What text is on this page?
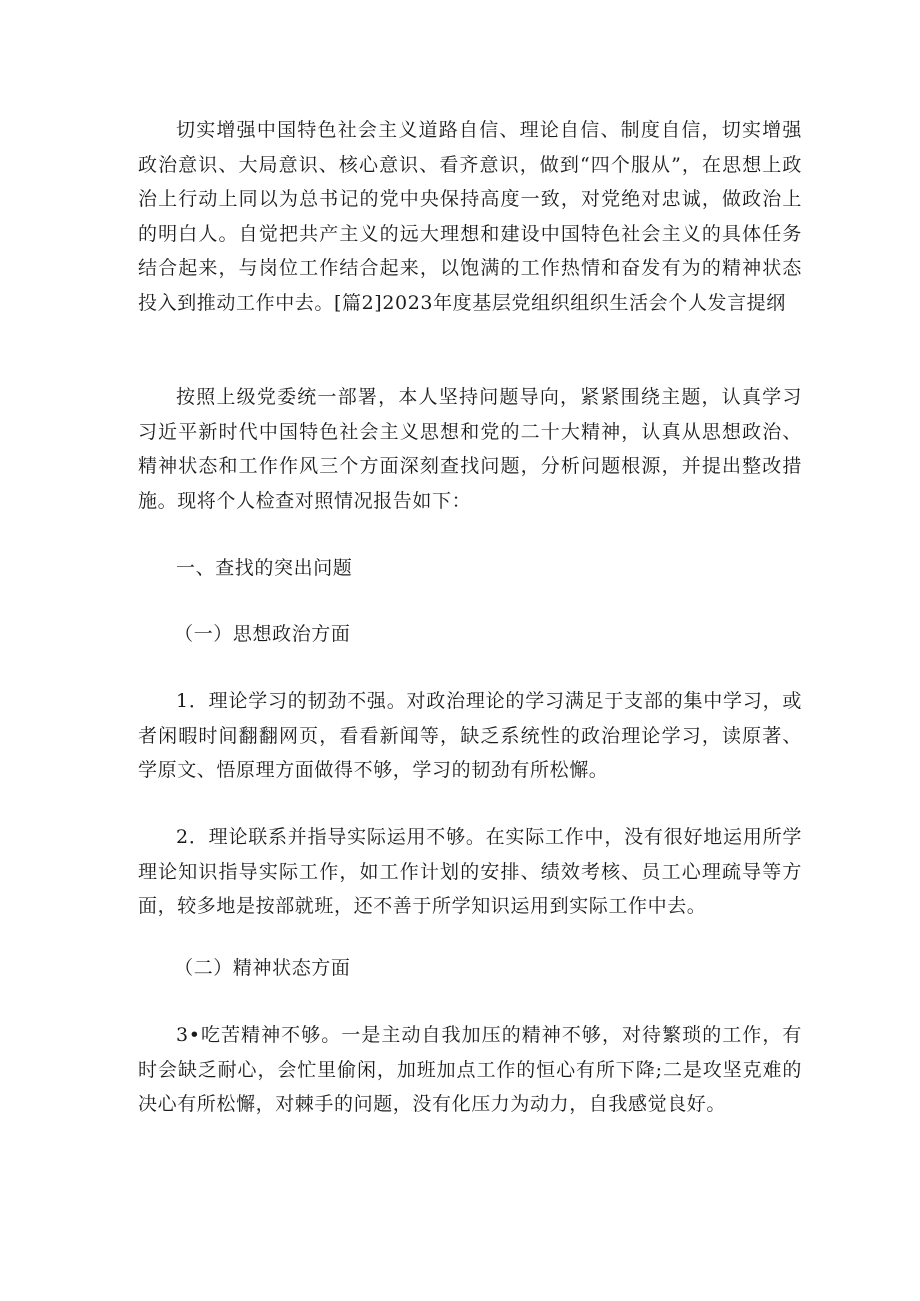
切实增强中国特色社会主义道路自信、理论自信、制度自信，切实增强政治意识、大局意识、核心意识、看齐意识，做到“四个服从”，在思想上政治上行动上同以为总书记的党中央保持高度一致，对党绝对忠诚，做政治上的明白人。自觉把共产主义的远大理想和建设中国特色社会主义的具体任务结合起来，与岗位工作结合起来，以饱满的工作热情和奋发有为的精神状态投入到推动工作中去。[篇2]2023年度基层党组织组织生活会个人发言提纲

按照上级党委统一部署，本人坚持问题导向，紧紧围绕主题，认真学习习近平新时代中国特色社会主义思想和党的二十大精神，认真从思想政治、精神状态和工作作风三个方面深刻查找问题，分析问题根源，并提出整改措施。现将个人检查对照情况报告如下：

一、查找的突出问题

（一）思想政治方面

1．理论学习的韧劲不强。对政治理论的学习满足于支部的集中学习，或者闲暇时间翻翻网页，看看新闻等，缺乏系统性的政治理论学习，读原著、学原文、悟原理方面做得不够，学习的韧劲有所松懈。

2．理论联系并指导实际运用不够。在实际工作中，没有很好地运用所学理论知识指导实际工作，如工作计划的安排、绩效考核、员工心理疏导等方面，较多地是按部就班，还不善于所学知识运用到实际工作中去。

（二）精神状态方面

3•吃苦精神不够。一是主动自我加压的精神不够，对待繁琐的工作，有时会缺乏耐心，会忙里偷闲，加班加点工作的恒心有所下降;二是攻坚克难的决心有所松懈，对棘手的问题，没有化压力为动力，自我感觉良好。
